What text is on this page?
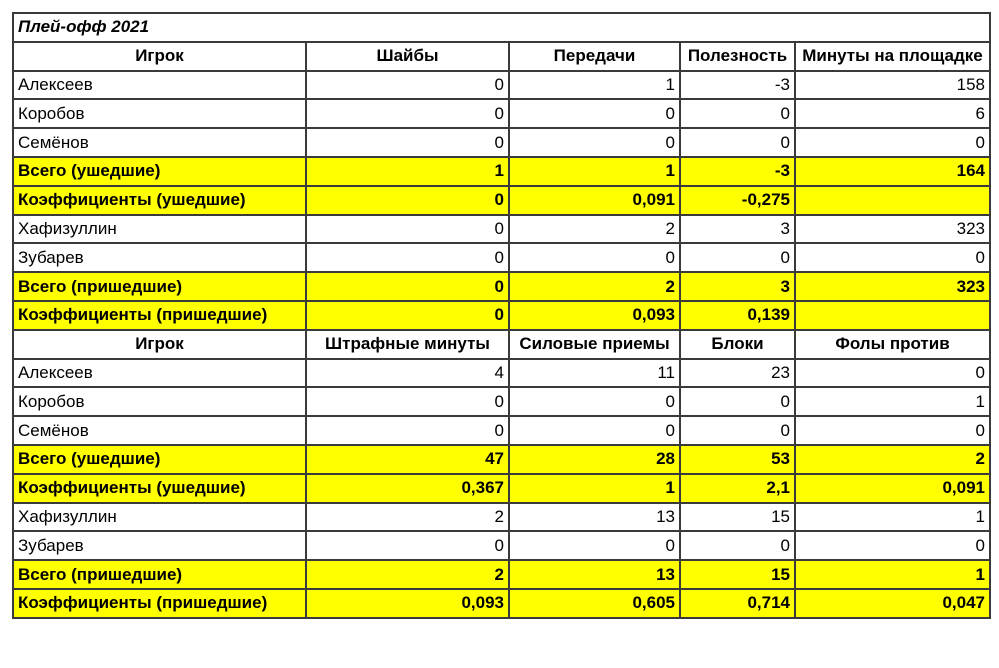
Плей-офф 2021				
Игрок	Шайбы	Передачи	Полезность	Минуты на площадке
Алексеев	0	1	-3	158
Коробов	0	0	0	6
Семёнов	0	0	0	0
Всего (ушедшие)	1	1	-3	164
Коэффициенты (ушедшие)	0	0,091	-0,275	
Хафизуллин	0	2	3	323
Зубарев	0	0	0	0
Всего (пришедшие)	0	2	3	323
Коэффициенты (пришедшие)	0	0,093	0,139	
Игрок	Штрафные минуты	Силовые приемы	Блоки	Фолы против
Алексеев	4	11	23	0
Коробов	0	0	0	1
Семёнов	0	0	0	0
Всего (ушедшие)	47	28	53	2
Коэффициенты (ушедшие)	0,367	1	2,1	0,091
Хафизуллин	2	13	15	1
Зубарев	0	0	0	0
Всего (пришедшие)	2	13	15	1
Коэффициенты (пришедшие)	0,093	0,605	0,714	0,047
